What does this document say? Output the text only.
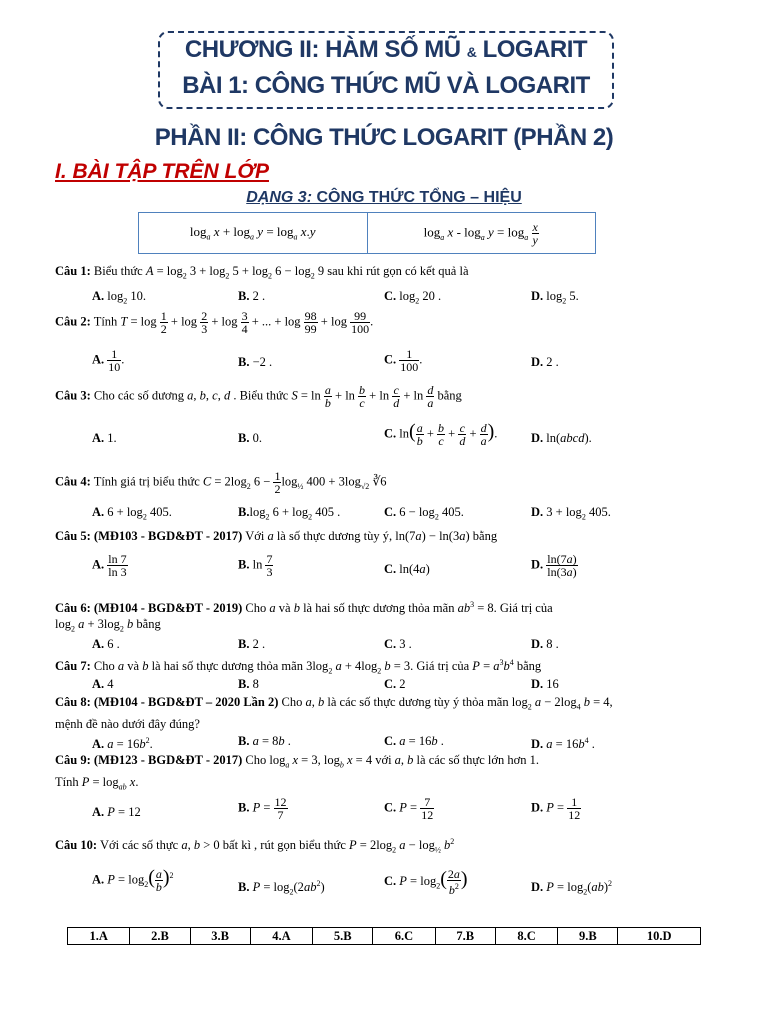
CHƯƠNG II: HÀM SỐ MŨ & LOGARIT
BÀI 1: CÔNG THỨC MŨ VÀ LOGARIT
PHẦN II: CÔNG THỨC LOGARIT (PHẦN 2)
I. BÀI TẬP TRÊN LỚP
DẠNG 3: CÔNG THỨC TỔNG – HIỆU
$\log_a x + \log_a y = \log_a x.y$	$\log_a x - \log_a y = \log_a \frac{x}{y}$
Câu 1: Biểu thức $A = \log_2 3 + \log_2 5 + \log_2 6 - \log_2 9$ sau khi rút gọn có kết quả là
A. $\log_2 10$.	B. 2 .	C. $\log_2 20$ .	D. $\log_2 5$.
Câu 2: Tính $T = \log \frac{1}{2} + \log \frac{2}{3} + \log \frac{3}{4}$ + ... + $\log \frac{98}{99} + \log \frac{99}{100}$ .
A. $\frac{1}{10}$ .	B. −2 .	C. $\frac{1}{100}$ .	D. 2 .
Câu 3: Cho các số dương a, b, c, d . Biểu thức $S = \ln \frac{a}{b} + \ln \frac{b}{c} + \ln \frac{c}{d} + \ln \frac{d}{a}$ bằng
A. 1.	B. 0.	C. $\ln( \frac{a}{b} + \frac{b}{c} + \frac{c}{d} + \frac{d}{a}$ ).	D. ln(abcd).
Câu 4: Tính giá trị biểu thức $C = 2\log_2$ $6 - \frac{1}{2} \log_{\frac{1}{2}} 400 + 3\log_{√2}$ ∛6
A. $6 + \log_2 405$.	$B.\log_2$ $6 + \log_2 405$ .	C. $6 - \log_2 405$.	D. $3 + \log_2 405$.
Câu 5: (MĐ103 - BGD&ĐT - 2017) Với a là số thực dương tùy ý, ln(7a) − ln(3a) bằng
A. $\frac{\ln 7}{\ln 3}$	B. $\ln \frac{7}{3}$	C. ln(4a)	D. $\frac{\ln(7a)}{\ln(3a)}$
Câu 6: (MĐ104 - BGD&ĐT - 2019) Cho a và b là hai số thực dương thỏa mãn $ab^3 = 8$. Giá trị của
$\log_2 a + 3\log_2$ b bằng
A. 6 .	B. 2 .	C. 3 .	D. 8 .
Câu 7: Cho a và b là hai số thực dương thỏa mãn $3\log_2$ $a + 4\log_2$ b = 3. Giá trị của $P = a^3b^4$ bằng
A. 4	B. 8	C. 2	D. 16
Câu 8: (MĐ104 - BGD&ĐT – 2020 Lần 2) Cho a, b là các số thực dương tùy ý thỏa mãn $\log_2 a - 2\log_4$ b = 4,
mệnh đề nào dưới đây đúng?
A. $a = 16b^2$.	B. a = 8b .	C. a = 16b .	D. $a = 16b^4$ .
Câu 9: (MĐ123 - BGD&ĐT - 2017) Cho $\log_a x = 3$, $\log_b x = 4$ với a, b là các số thực lớn hơn 1.
Tính $P = \log_{ab} x$.
A. P = 12	B. $P = \frac{12}{7}$	C. $P = \frac{7}{12}$	D. $P = \frac{1}{12}$
Câu 10: Với các số thực a, b > 0 bất kì , rút gọn biểu thức $P = 2\log_2$ $a - \log_{\frac{1}{2}} b^2$
A. $P = \log_2( \frac{a}{b} )^2$
B. $P = \log_2(2ab^2)$	C. $P = \log_2( \frac{2a}{b^2}$ )	D. $P = \log_2(ab)^2$
1.A	2.B	3.B	4.A	5.B	6.C	7.B	8.C	9.B	10.D
